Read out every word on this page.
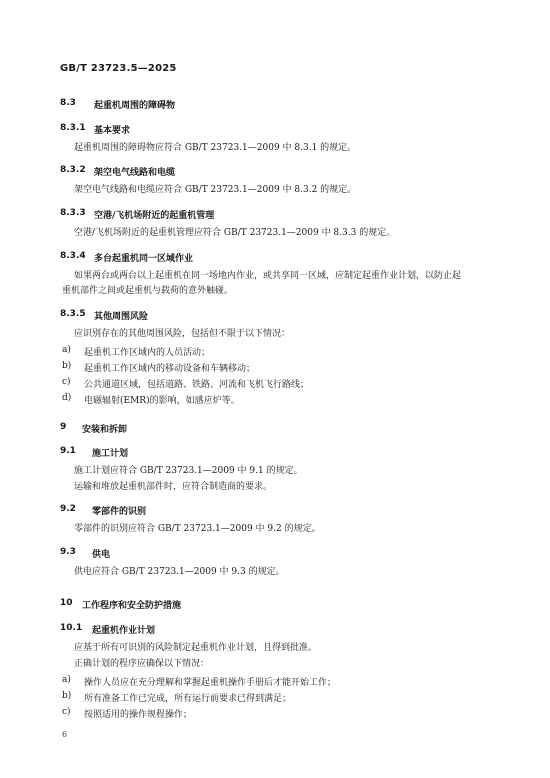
GB/T 23723.5—2025
8.3	起重机周围的障碍物
8.3.1 基本要求
起重机周围的障碍物应符合 GB/T 23723.1—2009 中 8.3.1 的规定。
8.3.2 架空电气线路和电缆
架空电气线路和电缆应符合 GB/T 23723.1—2009 中 8.3.2 的规定。
8.3.3 空港/飞机场附近的起重机管理
空港/飞机场附近的起重机管理应符合 GB/T 23723.1—2009 中 8.3.3 的规定。
8.3.4 多台起重机同一区域作业
如果两台或两台以上起重机在同一场地内作业，或共享同一区域，应制定起重作业计划，以防止起
重机部件之间或起重机与载荷的意外触碰。
8.3.5 其他周围风险
应识别存在的其他周围风险，包括但不限于以下情况：
a)	起重机工作区域内的人员活动；
b)	起重机工作区域内的移动设备和车辆移动；
c)	公共通道区域，包括道路、铁路、河流和飞机飞行路线；
d)	电磁辐射(EMR)的影响，如感应炉等。
9	安装和拆卸
9.1	施工计划
施工计划应符合 GB/T 23723.1—2009 中 9.1 的规定。
运输和堆放起重机部件时，应符合制造商的要求。
9.2	零部件的识别
零部件的识别应符合 GB/T 23723.1—2009 中 9.2 的规定。
9.3	供电
供电应符合 GB/T 23723.1—2009 中 9.3 的规定。
10 工作程序和安全防护措施
10.1 起重机作业计划
应基于所有可识别的风险制定起重机作业计划，且得到批准。
正确计划的程序应确保以下情况：
a)	操作人员应在充分理解和掌握起重机操作手册后才能开始工作；
b)	所有准备工作已完成，所有运行前要求已得到满足；
c)	按照适用的操作规程操作；
6
